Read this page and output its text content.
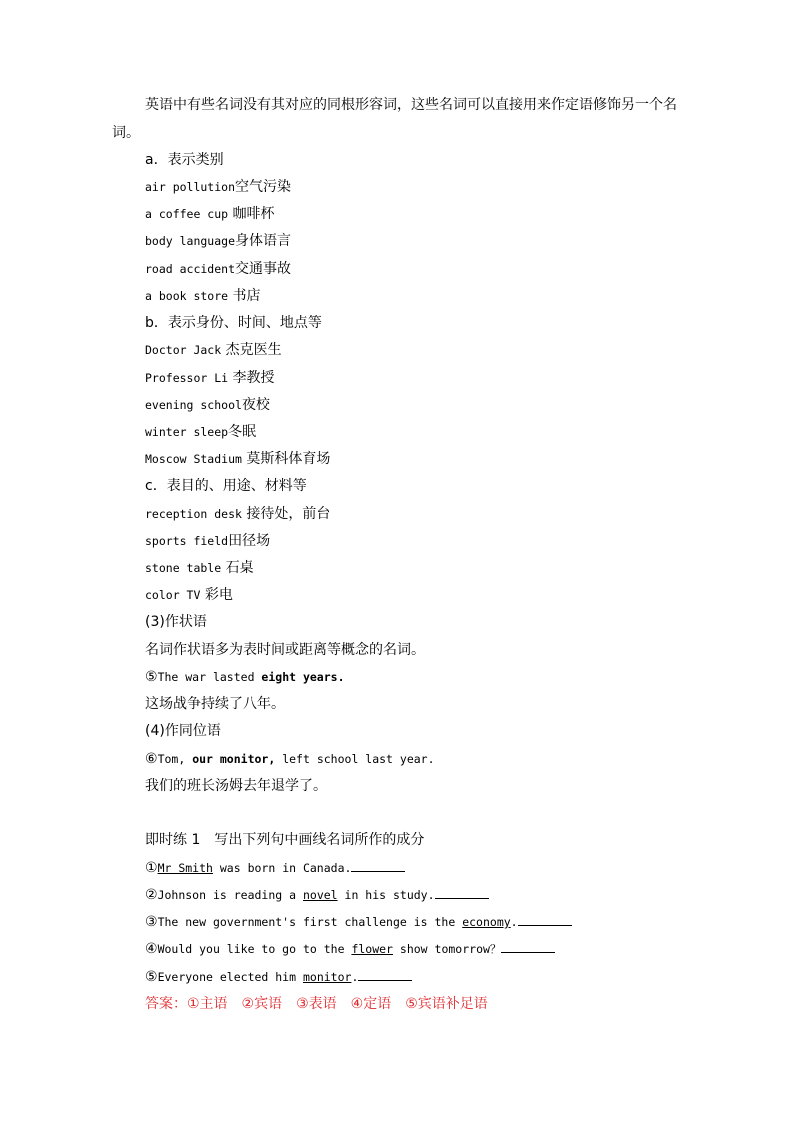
英语中有些名词没有其对应的同根形容词，这些名词可以直接用来作定语修饰另一个名
词。
a．表示类别
air pollution空气污染
a coffee cup 咖啡杯
body language身体语言
road accident交通事故
a book store 书店
b．表示身份、时间、地点等
Doctor Jack 杰克医生
Professor Li 李教授
evening school夜校
winter sleep冬眠
Moscow Stadium 莫斯科体育场
c．表目的、用途、材料等
reception desk 接待处，前台
sports field田径场
stone table 石桌
color TV 彩电
(3)作状语
名词作状语多为表时间或距离等概念的名词。
⑤The war lasted eight years.
这场战争持续了八年。
(4)作同位语
⑥Tom, our monitor, left school last year.
我们的班长汤姆去年退学了。
即时练 1　写出下列句中画线名词所作的成分
①Mr Smith was born in Canada.
②Johnson is reading a novel in his study.
③The new government's first challenge is the economy.
④Would you like to go to the flower show tomorrow？
⑤Everyone elected him monitor.
答案：①主语　②宾语　③表语　④定语　⑤宾语补足语
